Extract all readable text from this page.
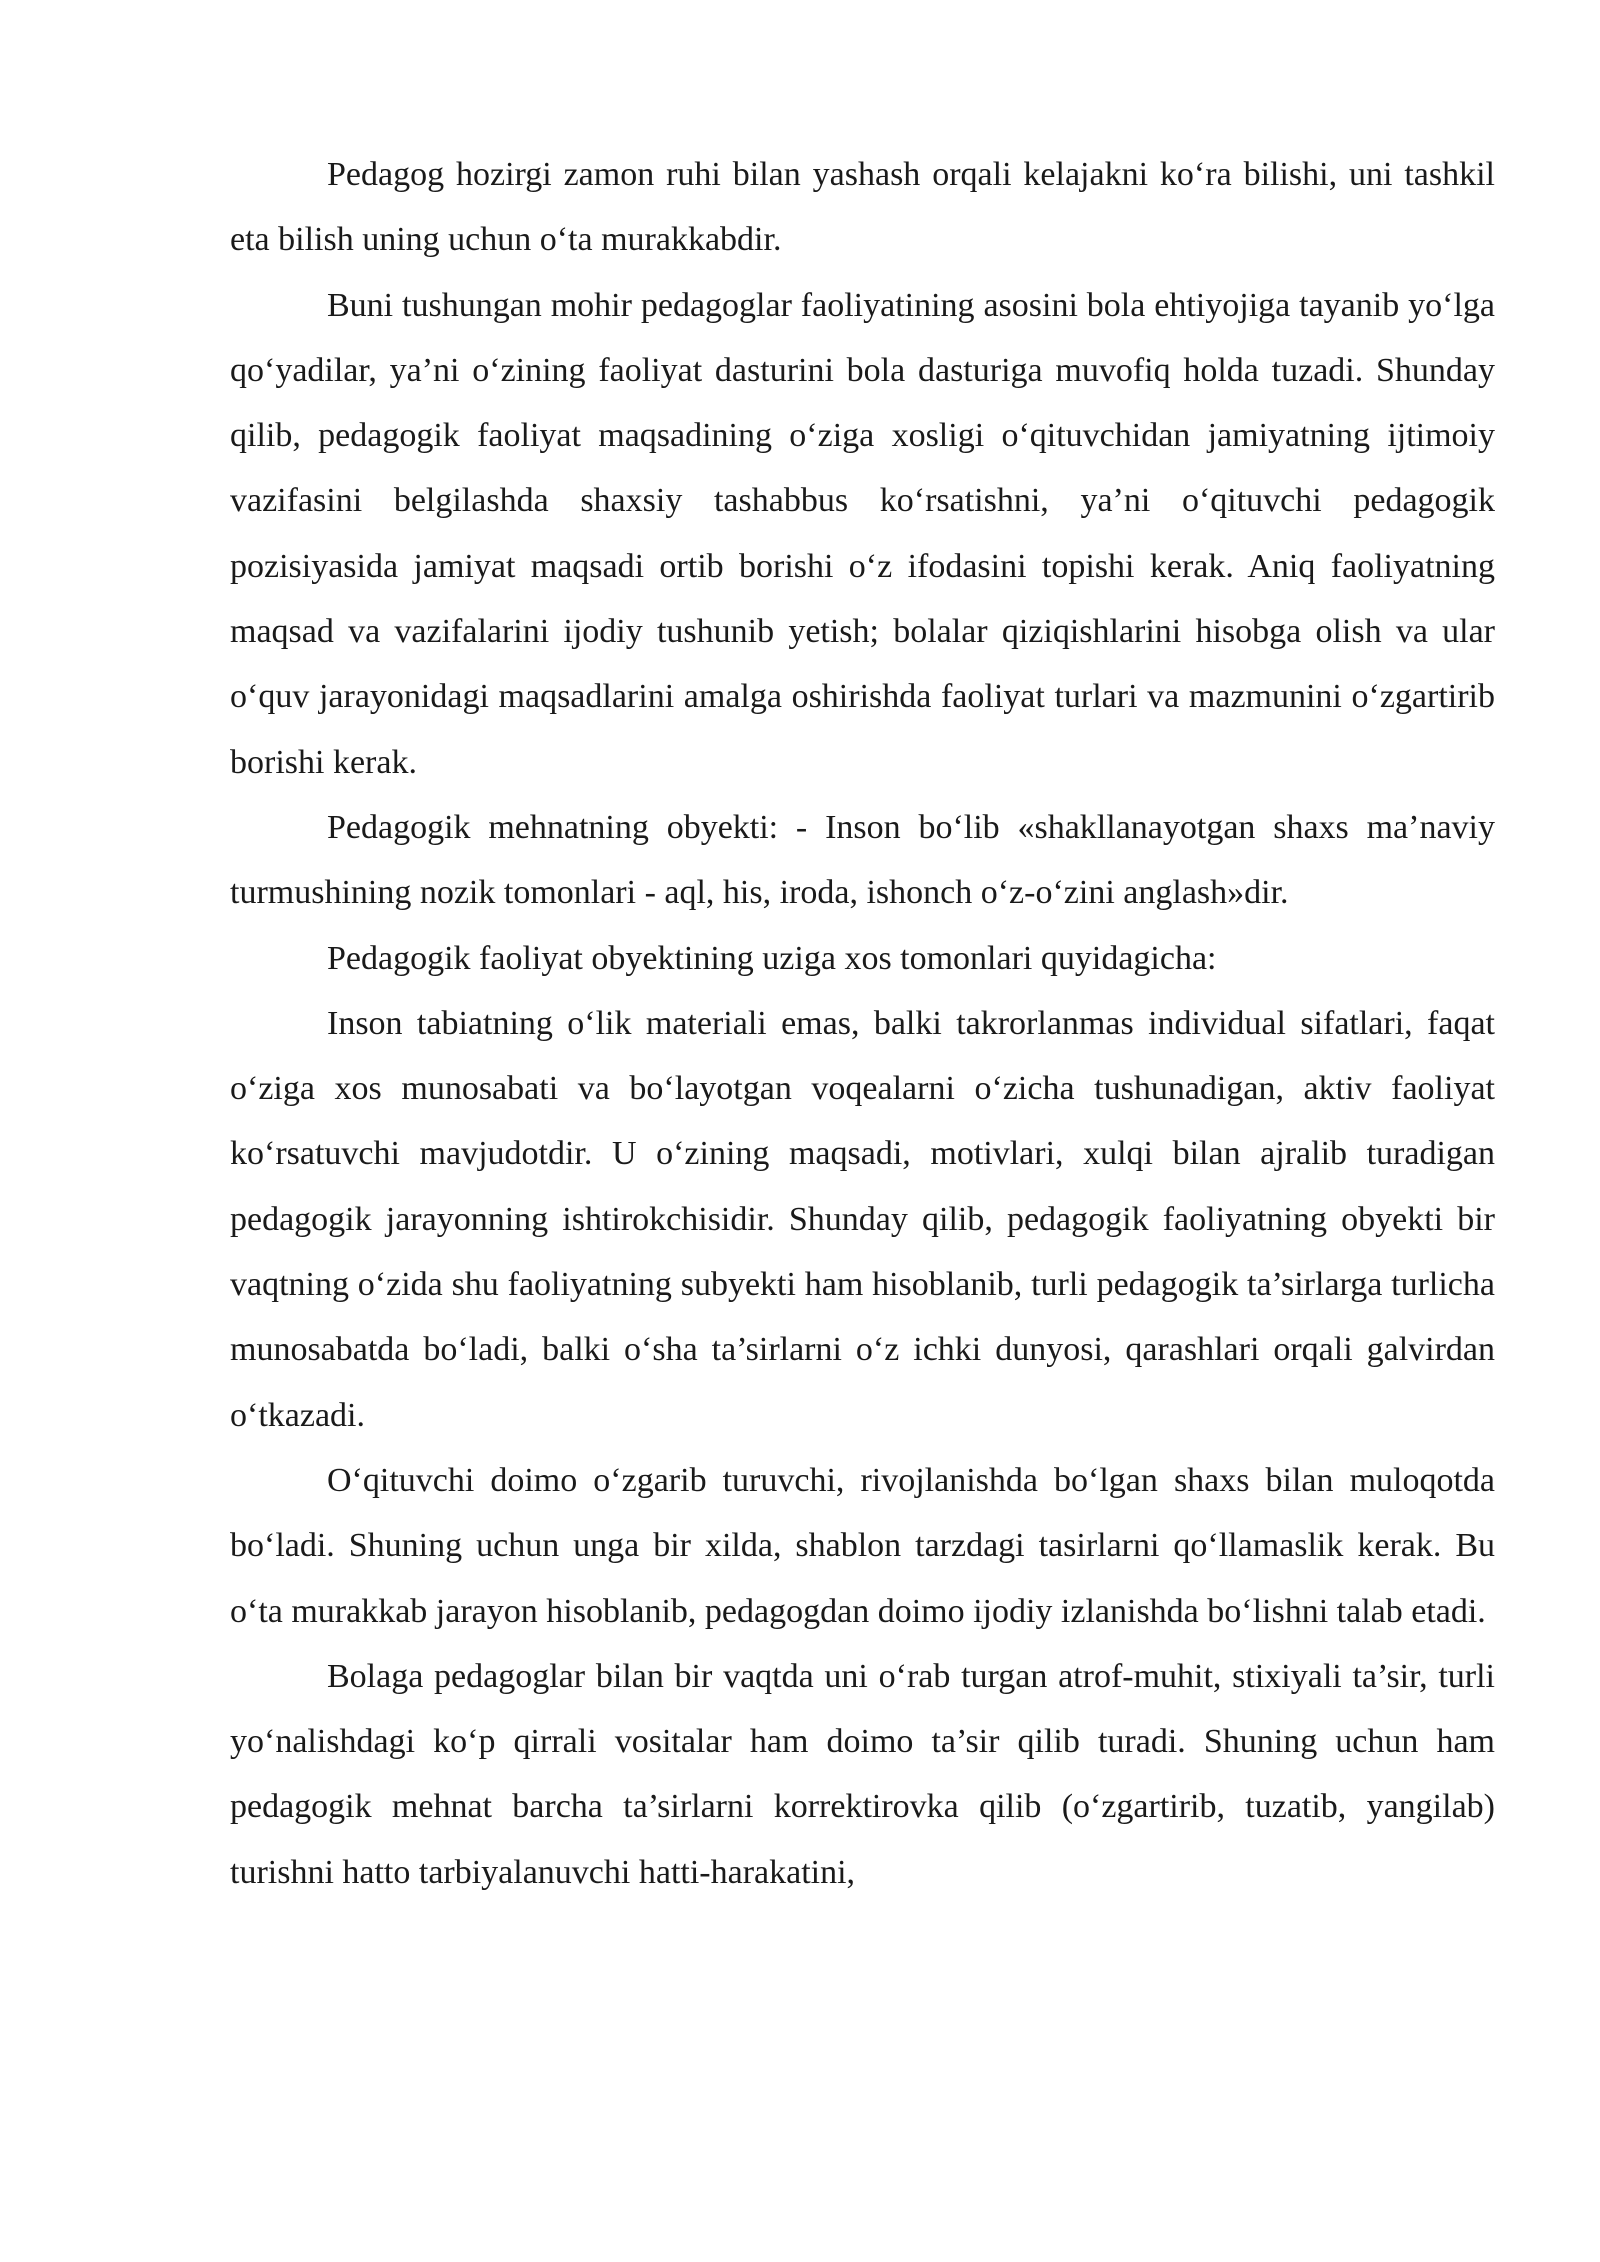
Pedagog hozirgi zamon ruhi bilan yashash orqali kelajakni ko‘ra bilishi, uni tashkil eta bilish uning uchun o‘ta murakkabdir.

Buni tushungan mohir pedagoglar faoliyatining asosini bola ehtiyojiga tayanib yo‘lga qo‘yadilar, ya’ni o‘zining faoliyat dasturini bola dasturiga muvofiq holda tuzadi. Shunday qilib, pedagogik faoliyat maqsadining o‘ziga xosligi o‘qituvchidan jamiyatning ijtimoiy vazifasini belgilashda shaxsiy tashabbus ko‘rsatishni, ya’ni o‘qituvchi pedagogik pozisiyasida jamiyat maqsadi ortib borishi o‘z ifodasini topishi kerak. Aniq faoliyatning maqsad va vazifalarini ijodiy tushunib yetish; bolalar qiziqishlarini hisobga olish va ular o‘quv jarayonidagi maqsadlarini amalga oshirishda faoliyat turlari va mazmunini o‘zgartirib borishi kerak.

Pedagogik mehnatning obyekti: - Inson bo‘lib «shakllanayotgan shaxs ma’naviy turmushining nozik tomonlari - aql, his, iroda, ishonch o‘z-o‘zini anglash»dir.

Pedagogik faoliyat obyektining uziga xos tomonlari quyidagicha:

Inson tabiatning o‘lik materiali emas, balki takrorlanmas individual sifatlari, faqat o‘ziga xos munosabati va bo‘layotgan voqealarni o‘zicha tushunadigan, aktiv faoliyat ko‘rsatuvchi mavjudotdir. U o‘zining maqsadi, motivlari, xulqi bilan ajralib turadigan pedagogik jarayonning ishtirokchisidir. Shunday qilib, pedagogik faoliyatning obyekti bir vaqtning o‘zida shu faoliyatning subyekti ham hisoblanib, turli pedagogik ta’sirlarga turlicha munosabatda bo‘ladi, balki o‘sha ta’sirlarni o‘z ichki dunyosi, qarashlari orqali galvirdan o‘tkazadi.

O‘qituvchi doimo o‘zgarib turuvchi, rivojlanishda bo‘lgan shaxs bilan muloqotda bo‘ladi. Shuning uchun unga bir xilda, shablon tarzdagi tasirlarni qo‘llamaslik kerak. Bu o‘ta murakkab jarayon hisoblanib, pedagogdan doimo ijodiy izlanishda bo‘lishni talab etadi.

Bolaga pedagoglar bilan bir vaqtda uni o‘rab turgan atrof-muhit, stixiyali ta’sir, turli yo‘nalishdagi ko‘p qirrali vositalar ham doimo ta’sir qilib turadi. Shuning uchun ham pedagogik mehnat barcha ta’sirlarni korrektirovka qilib (o‘zgartirib, tuzatib, yangilab) turishni hatto tarbiyalanuvchi hatti-harakatini,
